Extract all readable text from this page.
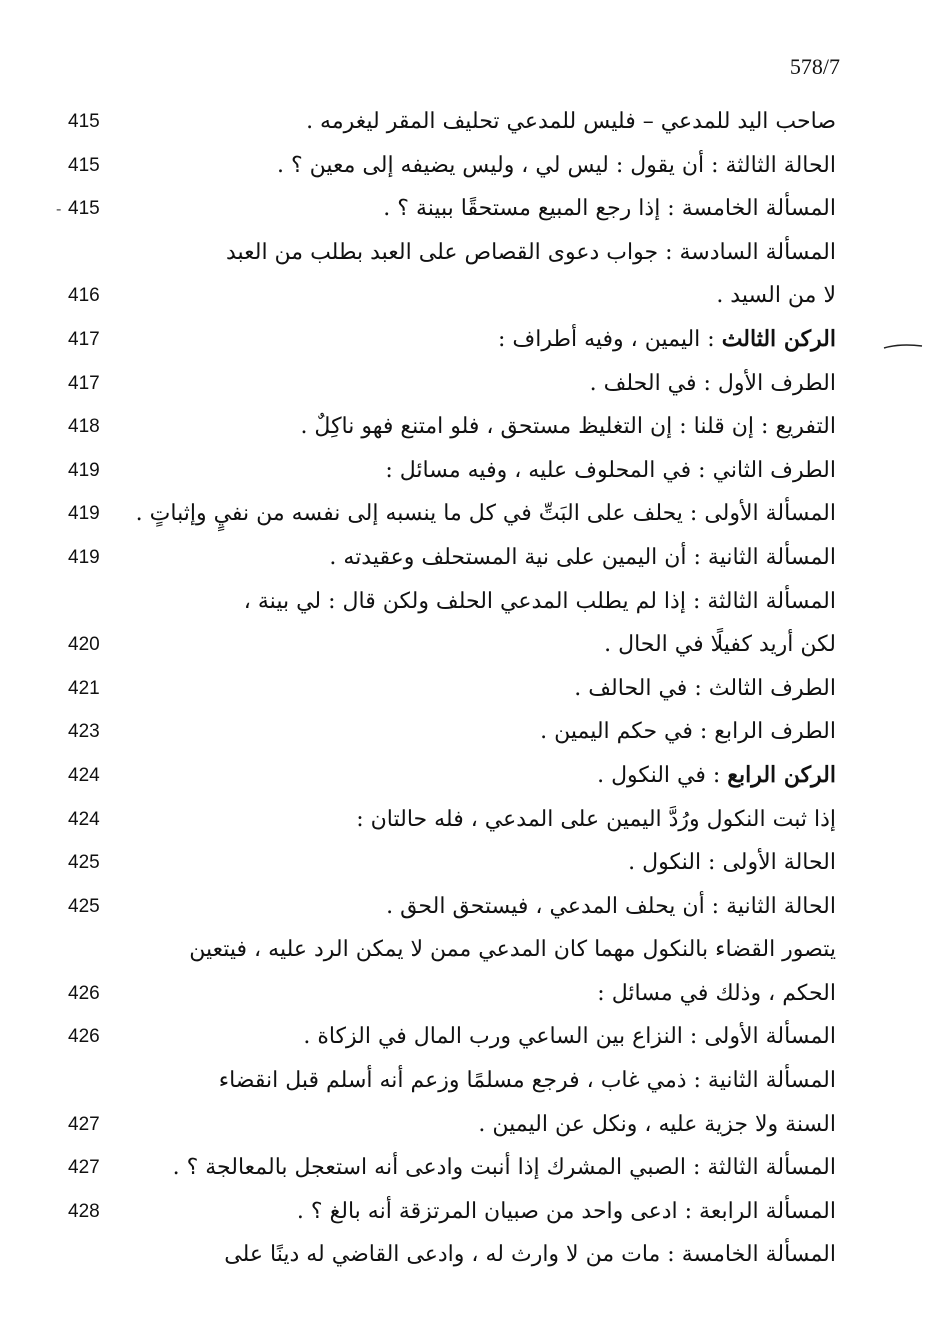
578/7
صاحب اليد للمدعي – فليس للمدعي تحليف المقر ليغرمه .
415
الحالة الثالثة : أن يقول : ليس لي ، وليس يضيفه إلى معين ؟ .
415
المسألة الخامسة : إذا رجع المبيع مستحقًا ببينة ؟ .
415
-
المسألة السادسة : جواب دعوى القصاص على العبد بطلب من العبد
لا من السيد .
416
الركن الثالث : اليمين ، وفيه أطراف :
417
الطرف الأول : في الحلف .
417
التفريع : إن قلنا : إن التغليظ مستحق ، فلو امتنع فهو ناكِلٌ .
418
الطرف الثاني : في المحلوف عليه ، وفيه مسائل :
419
المسألة الأولى : يحلف على البَتِّ في كل ما ينسبه إلى نفسه من نفيٍ وإثباتٍ .
419
المسألة الثانية : أن اليمين على نية المستحلف وعقيدته .
419
المسألة الثالثة : إذا لم يطلب المدعي الحلف ولكن قال : لي بينة ،
لكن أريد كفيلًا في الحال .
420
الطرف الثالث : في الحالف .
421
الطرف الرابع : في حكم اليمين .
423
الركن الرابع : في النكول .
424
إذا ثبت النكول ورُدَّ اليمين على المدعي ، فله حالتان :
424
الحالة الأولى : النكول .
425
الحالة الثانية : أن يحلف المدعي ، فيستحق الحق .
425
يتصور القضاء بالنكول مهما كان المدعي ممن لا يمكن الرد عليه ، فيتعين
الحكم ، وذلك في مسائل :
426
المسألة الأولى : النزاع بين الساعي ورب المال في الزكاة .
426
المسألة الثانية : ذمي غاب ، فرجع مسلمًا وزعم أنه أسلم قبل انقضاء
السنة ولا جزية عليه ، ونكل عن اليمين .
427
المسألة الثالثة : الصبي المشرك إذا أنبت وادعى أنه استعجل بالمعالجة ؟ .
427
المسألة الرابعة : ادعى واحد من صبيان المرتزقة أنه بالغ ؟ .
428
المسألة الخامسة : مات من لا وارث له ، وادعى القاضي له دينًا على
